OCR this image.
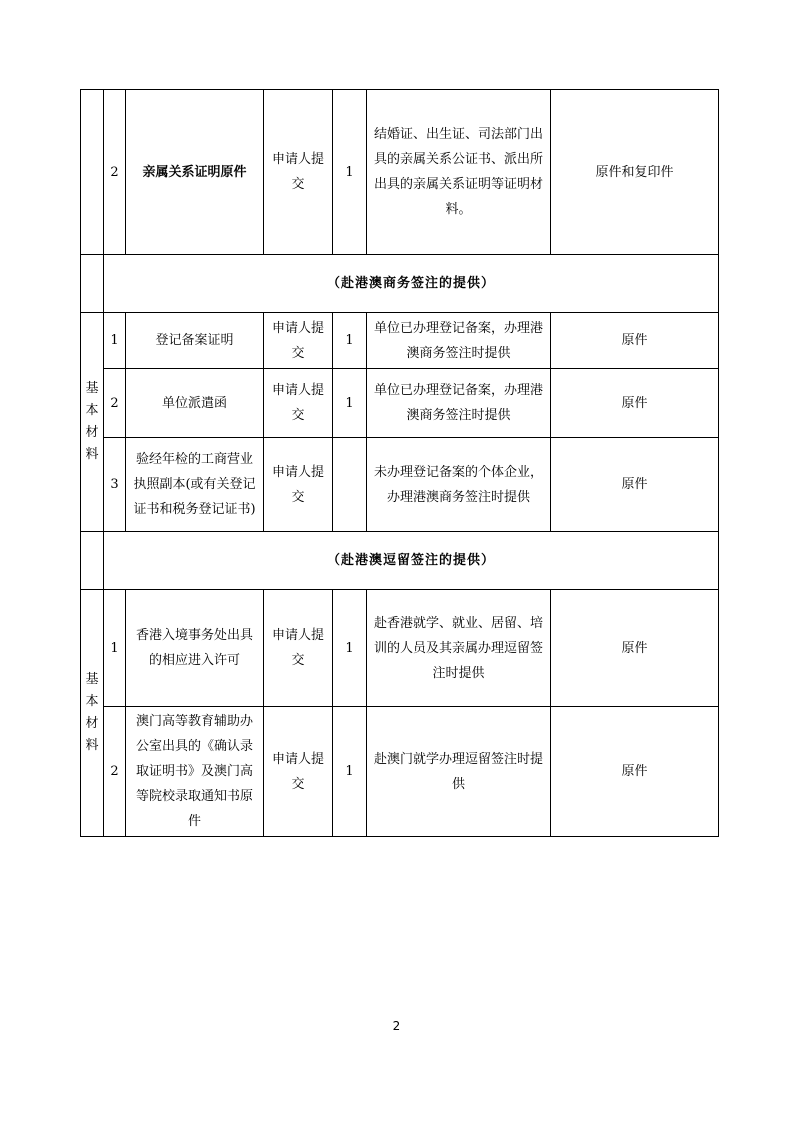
	2	亲属关系证明原件	申请人提交	1	结婚证、出生证、司法部门出具的亲属关系公证书、派出所出具的亲属关系证明等证明材料。	原件和复印件
	（赴港澳商务签注的提供）					

基本材料	1	登记备案证明	申请人提交	1	单位已办理登记备案，办理港澳商务签注时提供	原件
	2	单位派遣函	申请人提交	1	单位已办理登记备案，办理港澳商务签注时提供	原件
	3	验经年检的工商营业执照副本(或有关登记证书和税务登记证书)	申请人提交		未办理登记备案的个体企业，办理港澳商务签注时提供	原件
	（赴港澳逗留签注的提供）					

基本材料	1	香港入境事务处出具的相应进入许可	申请人提交	1	赴香港就学、就业、居留、培训的人员及其亲属办理逗留签注时提供	原件
	2	澳门高等教育辅助办公室出具的《确认录取证明书》及澳门高等院校录取通知书原件	申请人提交	1	赴澳门就学办理逗留签注时提供	原件
2
